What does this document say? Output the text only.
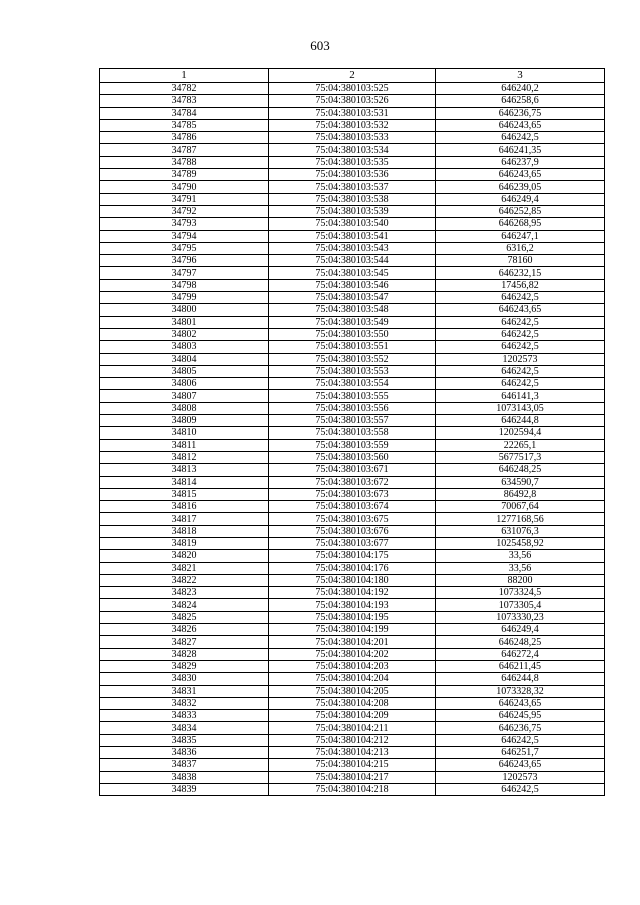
603
1	2	3
34782	75:04:380103:525	646240,2
34783	75:04:380103:526	646258,6
34784	75:04:380103:531	646236,75
34785	75:04:380103:532	646243,65
34786	75:04:380103:533	646242,5
34787	75:04:380103:534	646241,35
34788	75:04:380103:535	646237,9
34789	75:04:380103:536	646243,65
34790	75:04:380103:537	646239,05
34791	75:04:380103:538	646249,4
34792	75:04:380103:539	646252,85
34793	75:04:380103:540	646268,95
34794	75:04:380103:541	646247,1
34795	75:04:380103:543	6316,2
34796	75:04:380103:544	78160
34797	75:04:380103:545	646232,15
34798	75:04:380103:546	17456,82
34799	75:04:380103:547	646242,5
34800	75:04:380103:548	646243,65
34801	75:04:380103:549	646242,5
34802	75:04:380103:550	646242,5
34803	75:04:380103:551	646242,5
34804	75:04:380103:552	1202573
34805	75:04:380103:553	646242,5
34806	75:04:380103:554	646242,5
34807	75:04:380103:555	646141,3
34808	75:04:380103:556	1073143,05
34809	75:04:380103:557	646244,8
34810	75:04:380103:558	1202594,4
34811	75:04:380103:559	22265,1
34812	75:04:380103:560	5677517,3
34813	75:04:380103:671	646248,25
34814	75:04:380103:672	634590,7
34815	75:04:380103:673	86492,8
34816	75:04:380103:674	70067,64
34817	75:04:380103:675	1277168,56
34818	75:04:380103:676	631076,3
34819	75:04:380103:677	1025458,92
34820	75:04:380104:175	33,56
34821	75:04:380104:176	33,56
34822	75:04:380104:180	88200
34823	75:04:380104:192	1073324,5
34824	75:04:380104:193	1073305,4
34825	75:04:380104:195	1073330,23
34826	75:04:380104:199	646249,4
34827	75:04:380104:201	646248,25
34828	75:04:380104:202	646272,4
34829	75:04:380104:203	646211,45
34830	75:04:380104:204	646244,8
34831	75:04:380104:205	1073328,32
34832	75:04:380104:208	646243,65
34833	75:04:380104:209	646245,95
34834	75:04:380104:211	646236,75
34835	75:04:380104:212	646242,5
34836	75:04:380104:213	646251,7
34837	75:04:380104:215	646243,65
34838	75:04:380104:217	1202573
34839	75:04:380104:218	646242,5
